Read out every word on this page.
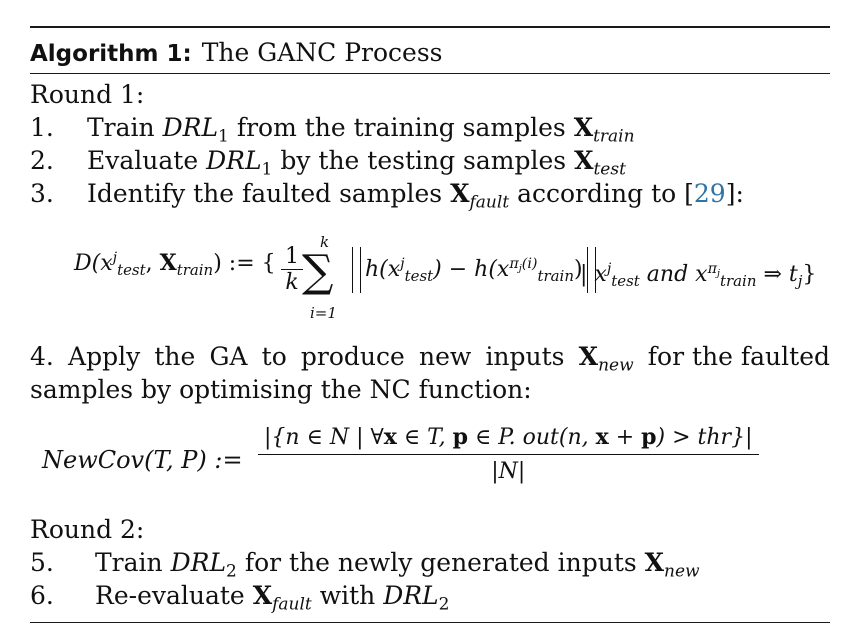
Algorithm 1: The GANC Process
Round 1:
1. Train $DRL_1$ from the training samples $X_{train}$
2. Evaluate $DRL_1$ by the testing samples $X_{test}$
3. Identify the faulted samples $X_{fault}$ according to [29]:
$D(x^j_{test}$, $X_{train}$) := { $\frac{1}{k}$
k
∑
i=1
$h(x^j_{test}) - h(x^{\pi_j(i)}_{train})$
| $x^j_{test}$ and $x^{\pi_j}_{train}$ ⇒ $t_j$}
4. Apply the GA to produce new inputs $X_{new}$ for the faulted
samples by optimising the NC function:
NewCov(T, P) := $\frac{\text{|\{n ∈ N | ∀x ∈ T, p ∈ P. out(n, x + p) > thr\}|}}{|N|}$
Round 2:
5. Train $DRL_2$ for the newly generated inputs $X_{new}$
6. Re-evaluate $X_{fault}$ with $DRL_2$
